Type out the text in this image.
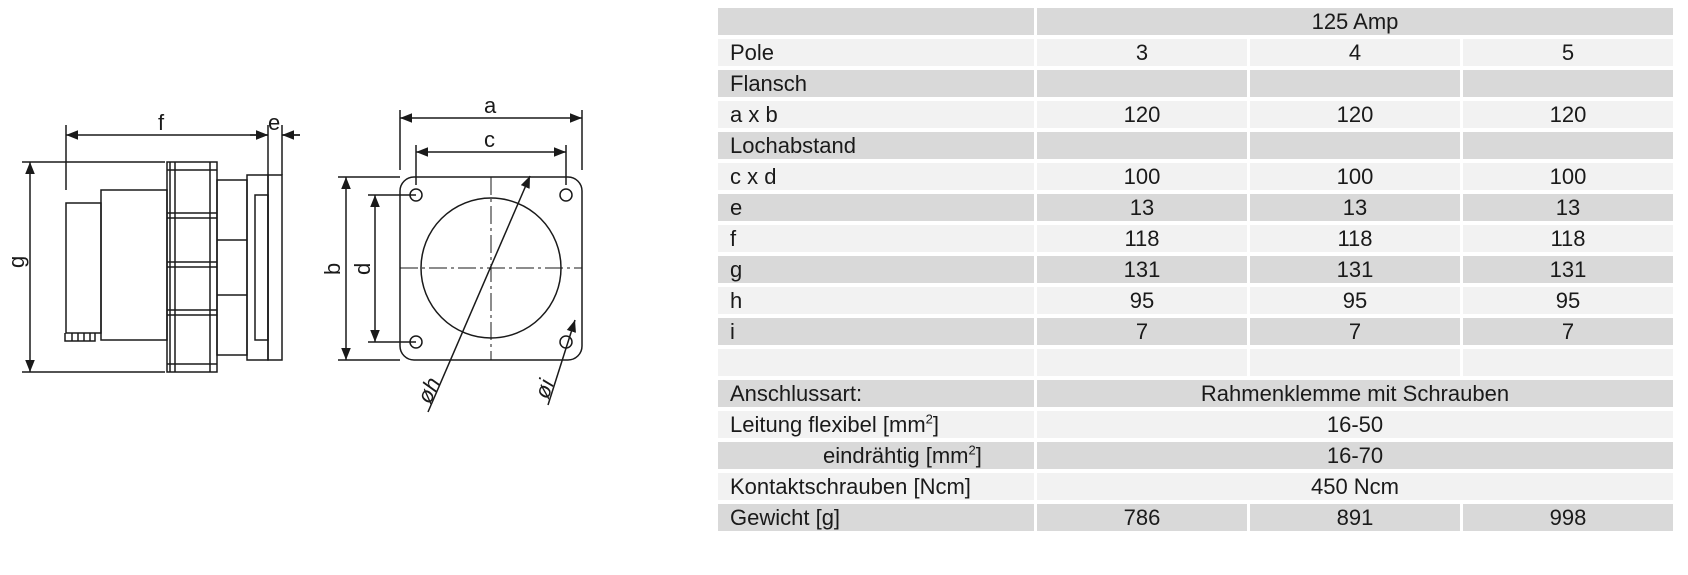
f	e
g
a
c
b d
øh	øi
	125 Amp		
Pole	3	4	5
Flansch			
a x b	120	120	120
Lochabstand			
c x d	100	100	100
e	13	13	13
f	118	118	118
g	131	131	131
h	95	95	95
i	7	7	7

Anschlussart:	Rahmenklemme mit Schrauben		
Leitung flexibel $[mm^2]$	16-50		
eindrähtig $[mm^2]$	16-70		
Kontaktschrauben [Ncm]	450 Ncm		
Gewicht [g]	786	891	998
